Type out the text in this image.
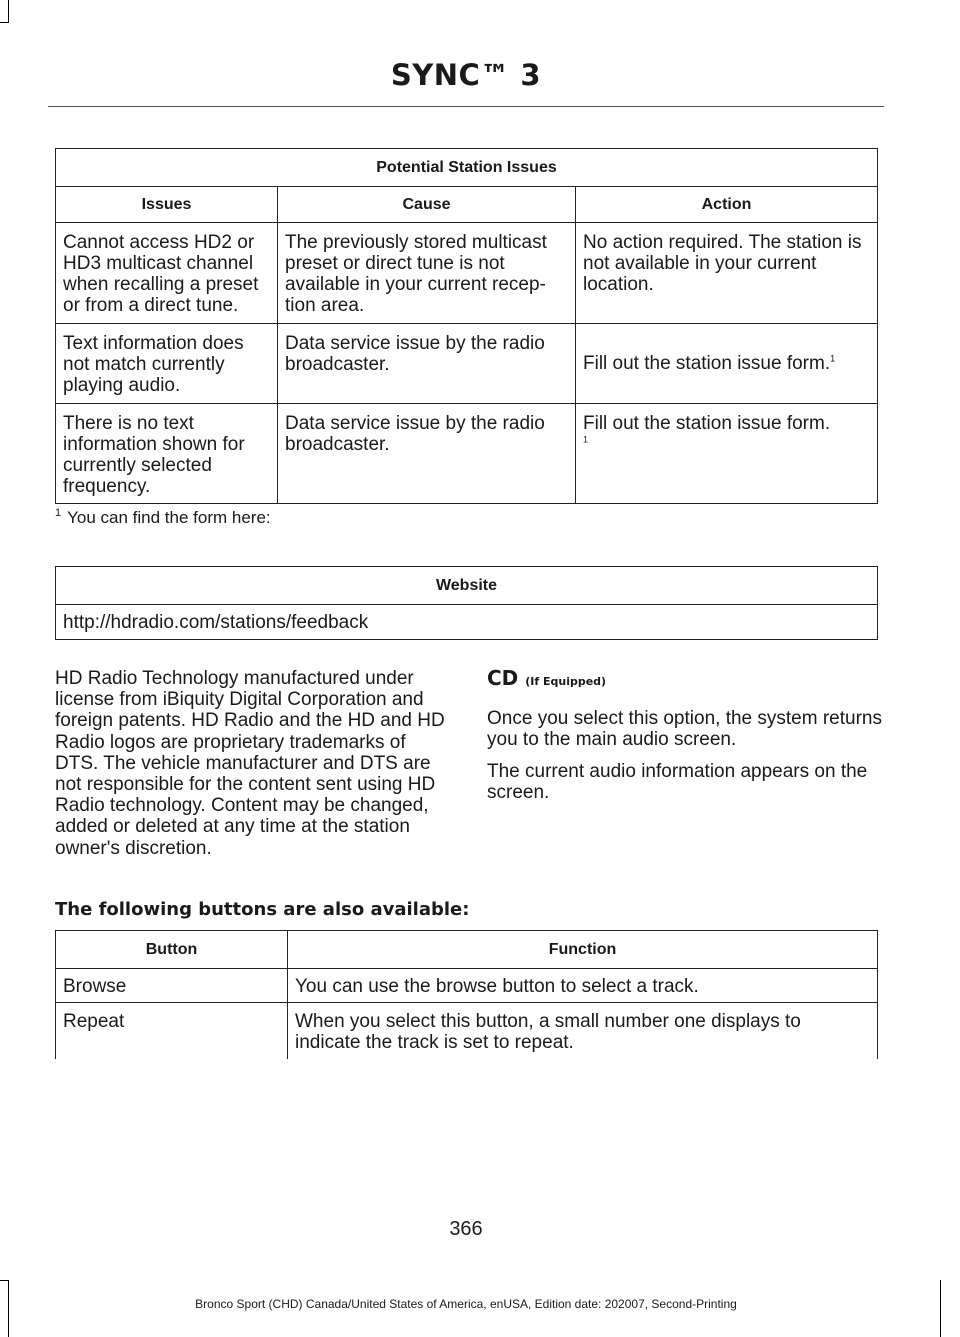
SYNC™ 3
Potential Station Issues		
Issues	Cause	Action
Cannot access HD2 or HD3 multicast channel when recalling a preset or from a direct tune.	The previously stored multicast preset or direct tune is not available in your current recep-tion area.	No action required. The station is not available in your current location.
Text information does not match currently playing audio.	Data service issue by the radio broadcaster.	Fill out the station issue form.$^1$
There is no text information shown for currently selected frequency.	Data service issue by the radio broadcaster.	Fill out the station issue form.
$^1$
$^1$ You can find the form here:
Website
http://hdradio.com/stations/feedback
HD Radio Technology manufactured under license from iBiquity Digital Corporation and foreign patents. HD Radio and the HD and HD Radio logos are proprietary trademarks of DTS. The vehicle manufacturer and DTS are not responsible for the content sent using HD Radio technology. Content may be changed, added or deleted at any time at the station owner's discretion.
CD (If Equipped)

Once you select this option, the system returns you to the main audio screen.

The current audio information appears on the screen.

The following buttons are also available:
Button	Function
Browse	You can use the browse button to select a track.
Repeat	When you select this button, a small number one displays to indicate the track is set to repeat.
366
Bronco Sport (CHD) Canada/United States of America, enUSA, Edition date: 202007, Second-Printing
